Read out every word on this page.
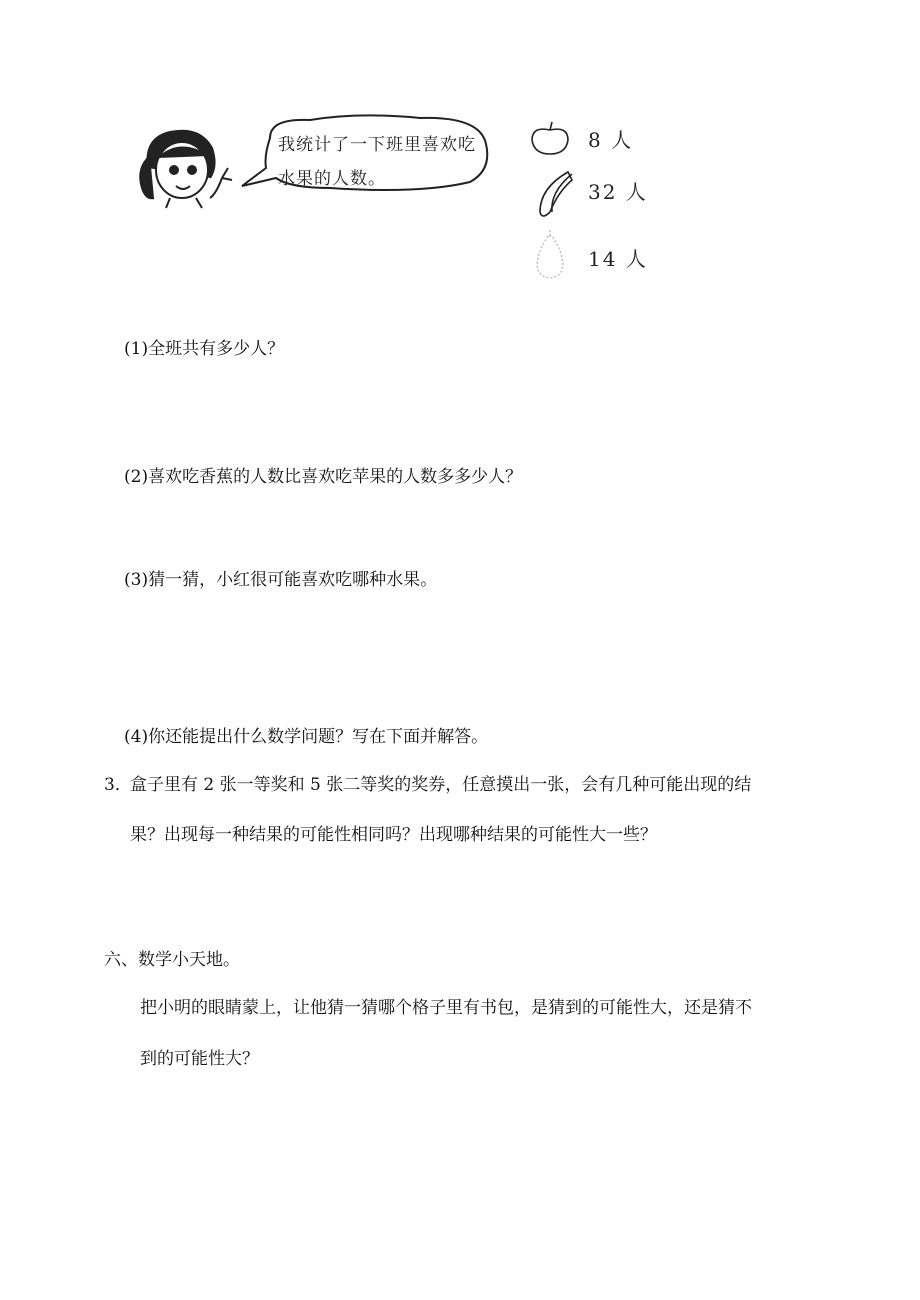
我统计了一下班里喜欢吃水果的人数。
8 人
32 人
14 人
(1)全班共有多少人？
(2)喜欢吃香蕉的人数比喜欢吃苹果的人数多多少人？
(3)猜一猜，小红很可能喜欢吃哪种水果。
(4)你还能提出什么数学问题？写在下面并解答。
3．
盒子里有 2 张一等奖和 5 张二等奖的奖券，任意摸出一张，会有几种可能出现的结
果？出现每一种结果的可能性相同吗？出现哪种结果的可能性大一些？
六、数学小天地。
把小明的眼睛蒙上，让他猜一猜哪个格子里有书包，是猜到的可能性大，还是猜不
到的可能性大？
